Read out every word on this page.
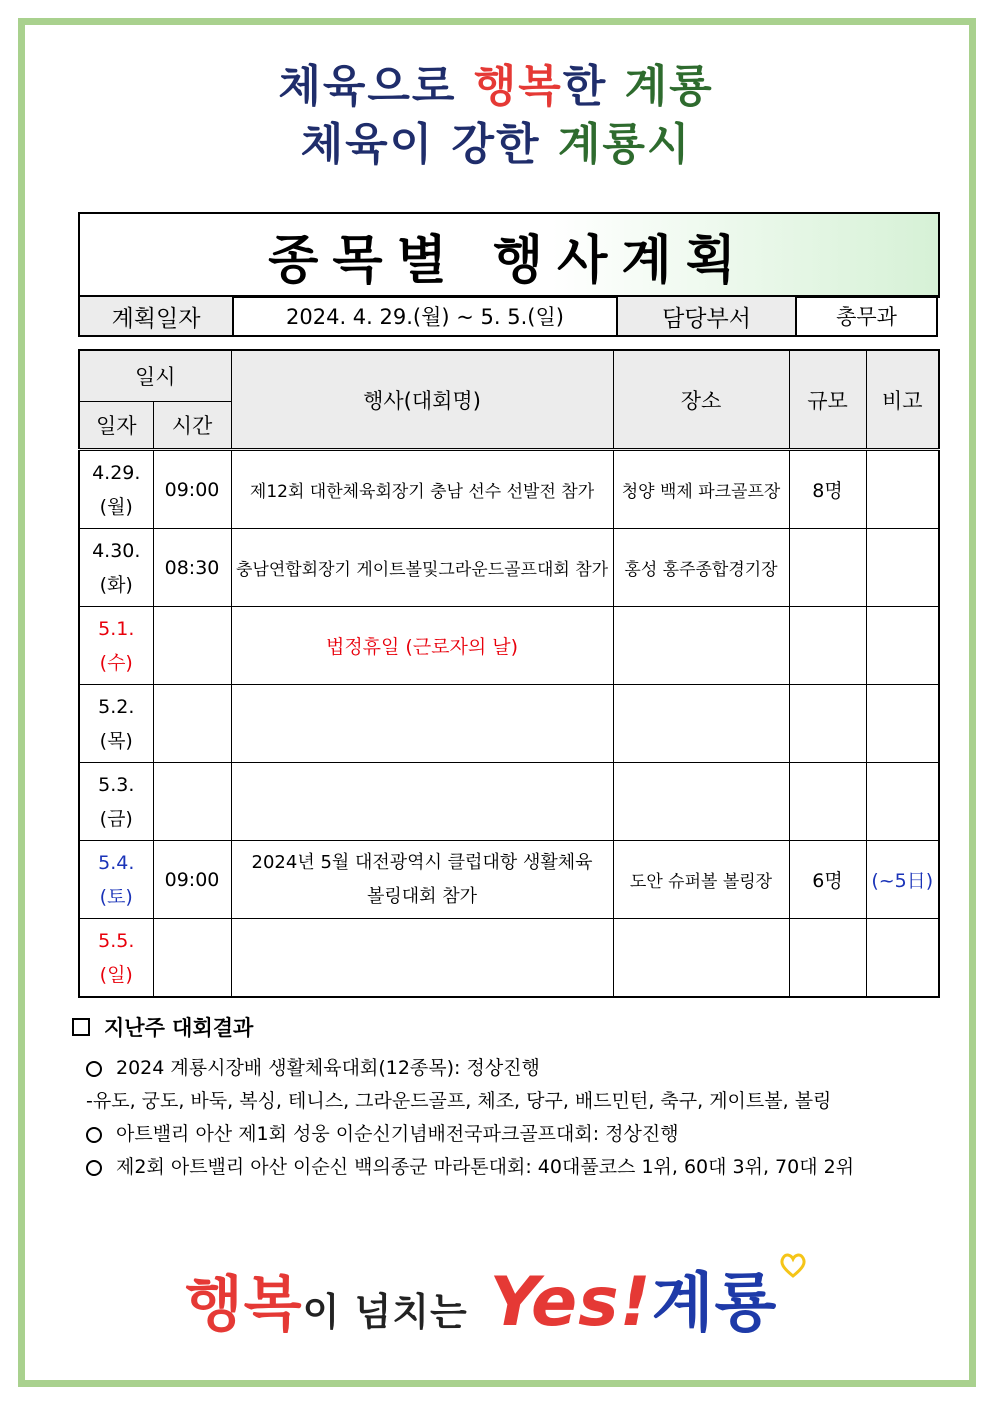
체육으로 행복한 계룡
체육이 강한 계룡시
종목별 행사계획
계획일자	2024. 4. 29.(월) ~ 5. 5.(일)	담당부서	총무과
일시		행사(대회명)	장소	규모	비고
일자	시간				

4.29.
(월)	09:00	제12회 대한체육회장기 충남 선수 선발전 참가	청양 백제 파크골프장	8명	

4.30.
(화)	08:30	충남연합회장기 게이트볼및그라운드골프대회 참가	홍성 홍주종합경기장		

5.1.
(수)		법정휴일 (근로자의 날)			

5.2.
(목)					

5.3.
(금)					

5.4.
(토)	09:00	2024년 5월 대전광역시 클럽대항 생활체육 볼링대회 참가	도안 슈퍼볼 볼링장	6명	(~5日)

5.5.
(일)					

지난주 대회결과
2024 계룡시장배 생활체육대회(12종목): 정상진행
-유도, 궁도, 바둑, 복싱, 테니스, 그라운드골프, 체조, 당구, 배드민턴, 축구, 게이트볼, 볼링
아트밸리 아산 제1회 성웅 이순신기념배전국파크골프대회: 정상진행
제2회 아트밸리 아산 이순신 백의종군 마라톤대회: 40대풀코스 1위, 60대 3위, 70대 2위
행복이 넘치는 Yes!계룡
